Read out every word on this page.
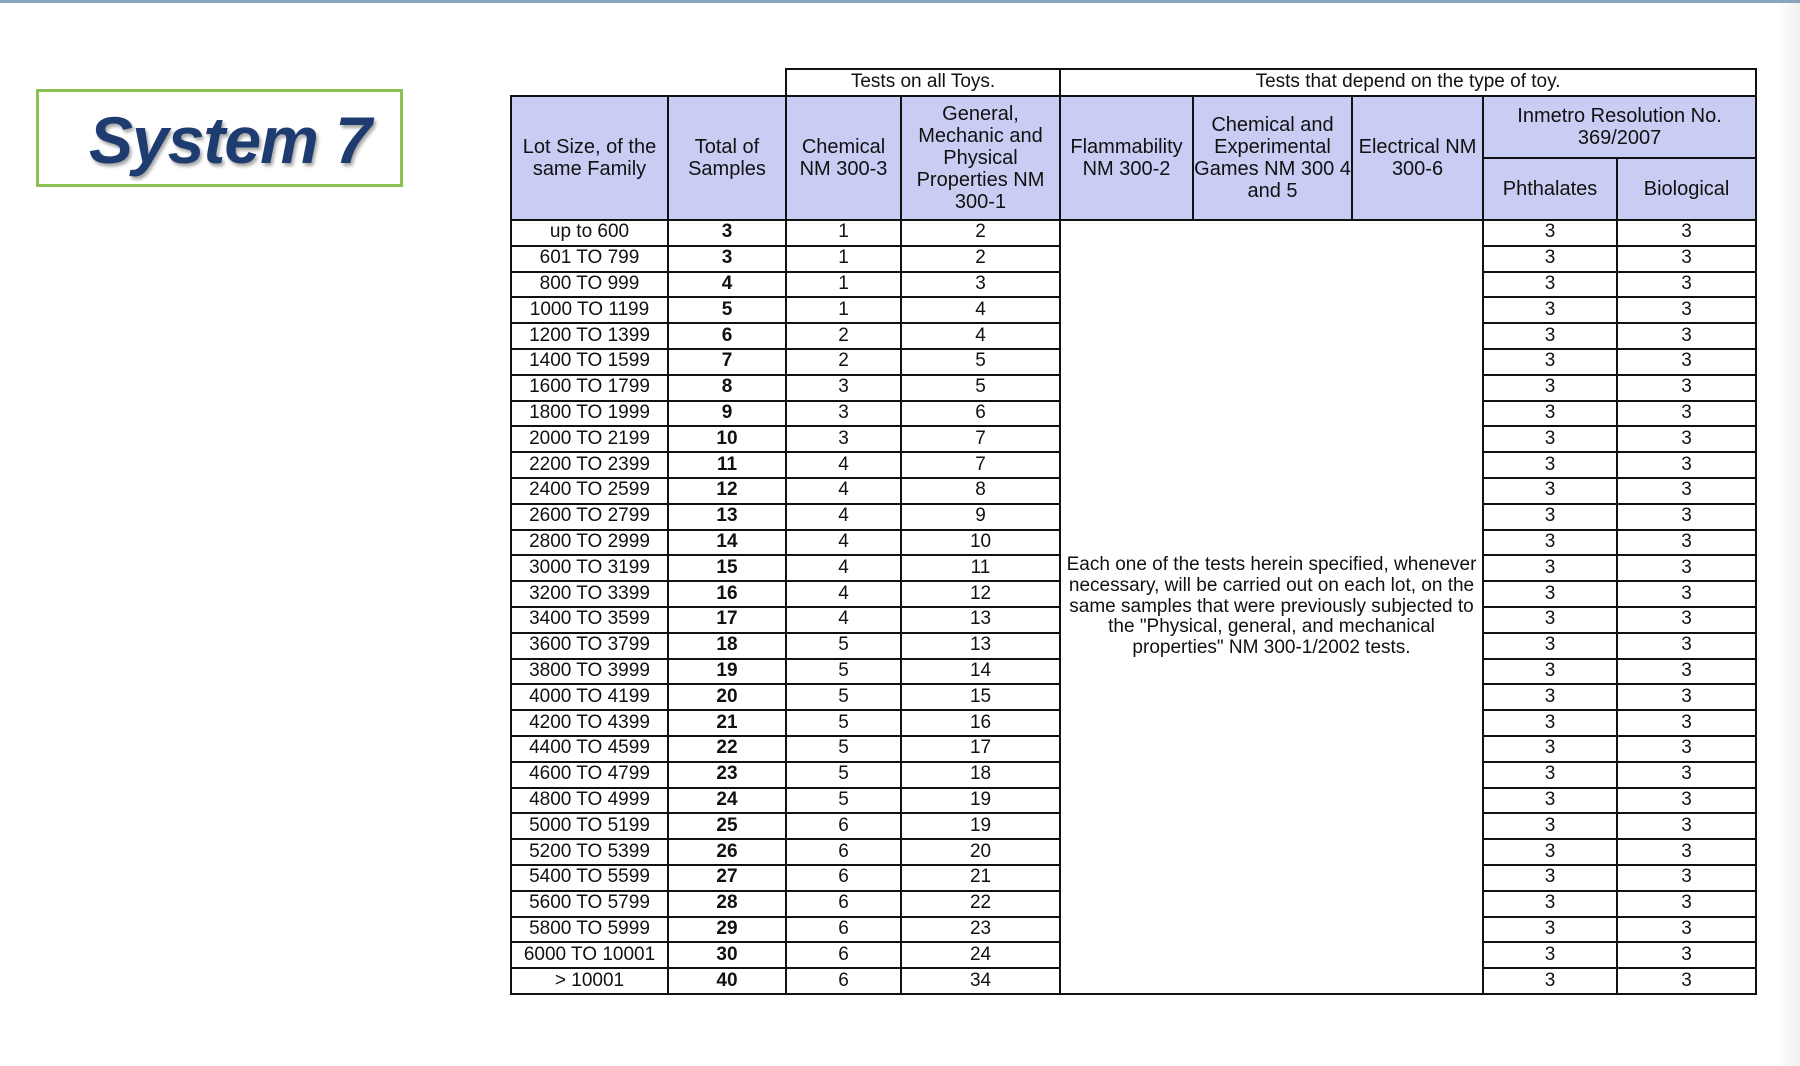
System 7
		Tests on all Toys.		Tests that depend on the type of toy.				
Lot Size, of the same Family	Total of Samples	Chemical NM 300-3	General, Mechanic and Physical Properties NM 300-1	Flammability NM 300-2	Chemical and Experimental Games NM 300 4 and 5	Electrical NM 300-6	Inmetro Resolution No. 369/2007	
							Phthalates	Biological
up to 600	3	1	2	Each one of the tests herein specified, whenever necessary, will be carried out on each lot, on the same samples that were previously subjected to the "Physical, general, and mechanical properties" NM 300-1/2002 tests.			3	3
601 TO 799	3	1	2				3	3
800 TO 999	4	1	3				3	3
1000 TO 1199	5	1	4				3	3
1200 TO 1399	6	2	4				3	3
1400 TO 1599	7	2	5				3	3
1600 TO 1799	8	3	5				3	3
1800 TO 1999	9	3	6				3	3
2000 TO 2199	10	3	7				3	3
2200 TO 2399	11	4	7				3	3
2400 TO 2599	12	4	8				3	3
2600 TO 2799	13	4	9				3	3
2800 TO 2999	14	4	10				3	3
3000 TO 3199	15	4	11				3	3
3200 TO 3399	16	4	12				3	3
3400 TO 3599	17	4	13				3	3
3600 TO 3799	18	5	13				3	3
3800 TO 3999	19	5	14				3	3
4000 TO 4199	20	5	15				3	3
4200 TO 4399	21	5	16				3	3
4400 TO 4599	22	5	17				3	3
4600 TO 4799	23	5	18				3	3
4800 TO 4999	24	5	19				3	3
5000 TO 5199	25	6	19				3	3
5200 TO 5399	26	6	20				3	3
5400 TO 5599	27	6	21				3	3
5600 TO 5799	28	6	22				3	3
5800 TO 5999	29	6	23				3	3
6000 TO 10001	30	6	24				3	3
> 10001	40	6	34				3	3
